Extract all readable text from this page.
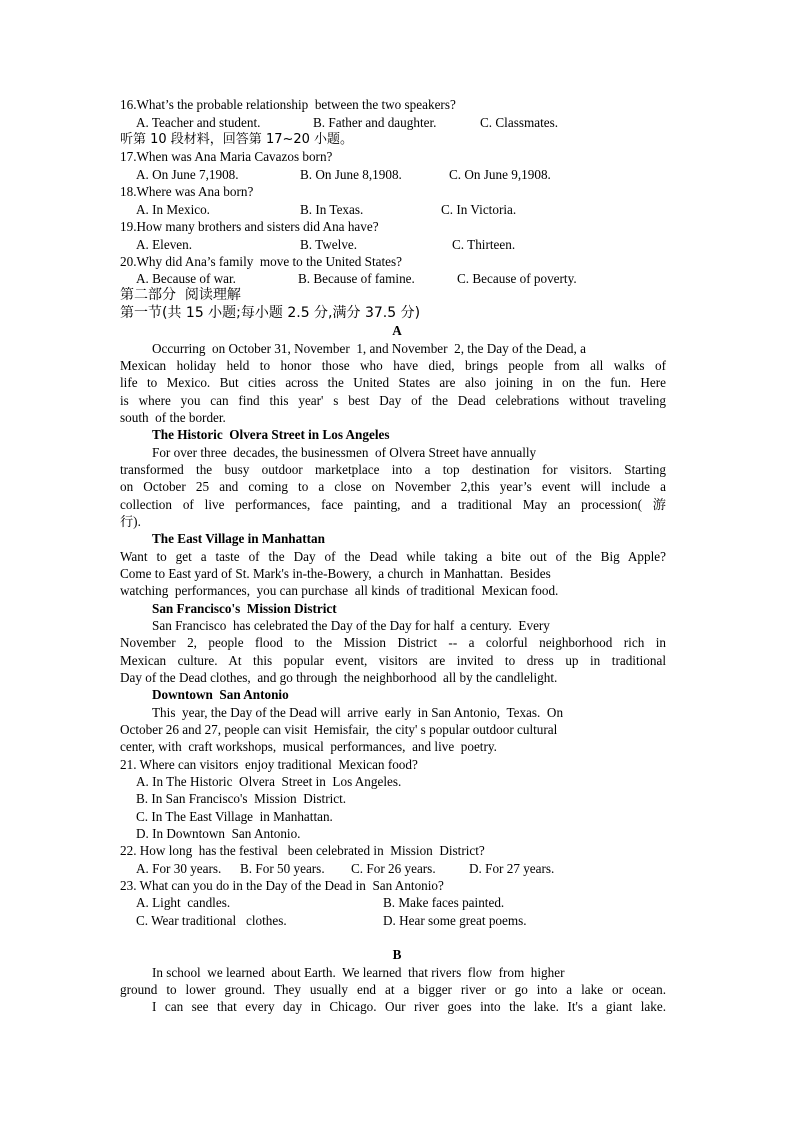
16.What’s the probable relationship  between the two speakers?
A. Teacher and student.	B. Father and daughter.	C. Classmates.
听第 10 段材料，回答第 17~20 小题。
17.When was Ana Maria Cavazos born?
A. On June 7,1908.	B. On June 8,1908.	C. On June 9,1908.
18.Where was Ana born?
A. In Mexico.	B. In Texas.	C. In Victoria.
19.How many brothers and sisters did Ana have?
A. Eleven.	B. Twelve.	C. Thirteen.
20.Why did Ana’s family  move to the United States?
A. Because of war.	B. Because of famine.	C. Because of poverty.
第二部分  阅读理解
第一节(共 15 小题;每小题 2.5 分,满分 37.5 分)
A
Occurring  on October 31, November  1, and November  2, the Day of the Dead, a
Mexican holiday held to honor those who have died, brings people from all walks of
life to Mexico. But cities across the United States are also joining in on the fun. Here
is where you can find this year' s best Day of the Dead celebrations without traveling
south  of the border.
The Historic  Olvera Street in Los Angeles
For over three  decades, the businessmen  of Olvera Street have annually
transformed the busy outdoor marketplace into a top destination for visitors. Starting
on October 25 and coming to a close on November 2,this year’s event will include a
collection of live performances, face painting, and a traditional May an procession( 游
行).
The East Village in Manhattan
Want to get a taste of the Day of the Dead while taking a bite out of the Big Apple?
Come to East yard of St. Mark's in-the-Bowery,  a church  in Manhattan.  Besides
watching  performances,  you can purchase  all kinds  of traditional  Mexican food.
San Francisco's  Mission District
San Francisco  has celebrated the Day of the Day for half  a century.  Every
November 2, people flood to the Mission District -- a colorful neighborhood rich in
Mexican culture. At this popular event, visitors are invited to dress up in traditional
Day of the Dead clothes,  and go through  the neighborhood  all by the candlelight.
Downtown  San Antonio
This  year, the Day of the Dead will  arrive  early  in San Antonio,  Texas.  On
October 26 and 27, people can visit  Hemisfair,  the city' s popular outdoor cultural
center, with  craft workshops,  musical  performances,  and live  poetry.
21. Where can visitors  enjoy traditional  Mexican food?
A. In The Historic  Olvera  Street in  Los Angeles.
B. In San Francisco's  Mission  District.
C. In The East Village  in Manhattan.
D. In Downtown  San Antonio.
22. How long  has the festival   been celebrated in  Mission  District?
A. For 30 years. B. For 50 years. C. For 26 years.	D. For 27 years.
23. What can you do in the Day of the Dead in  San Antonio?
A. Light  candles.	B. Make faces painted.
C. Wear traditional   clothes.	D. Hear some great poems.
B
In school  we learned  about Earth.  We learned  that rivers  flow  from  higher
ground to lower ground. They usually end at a bigger river or go into a lake or ocean.
I can see that every day in Chicago. Our river goes into the lake. It's a giant lake.
